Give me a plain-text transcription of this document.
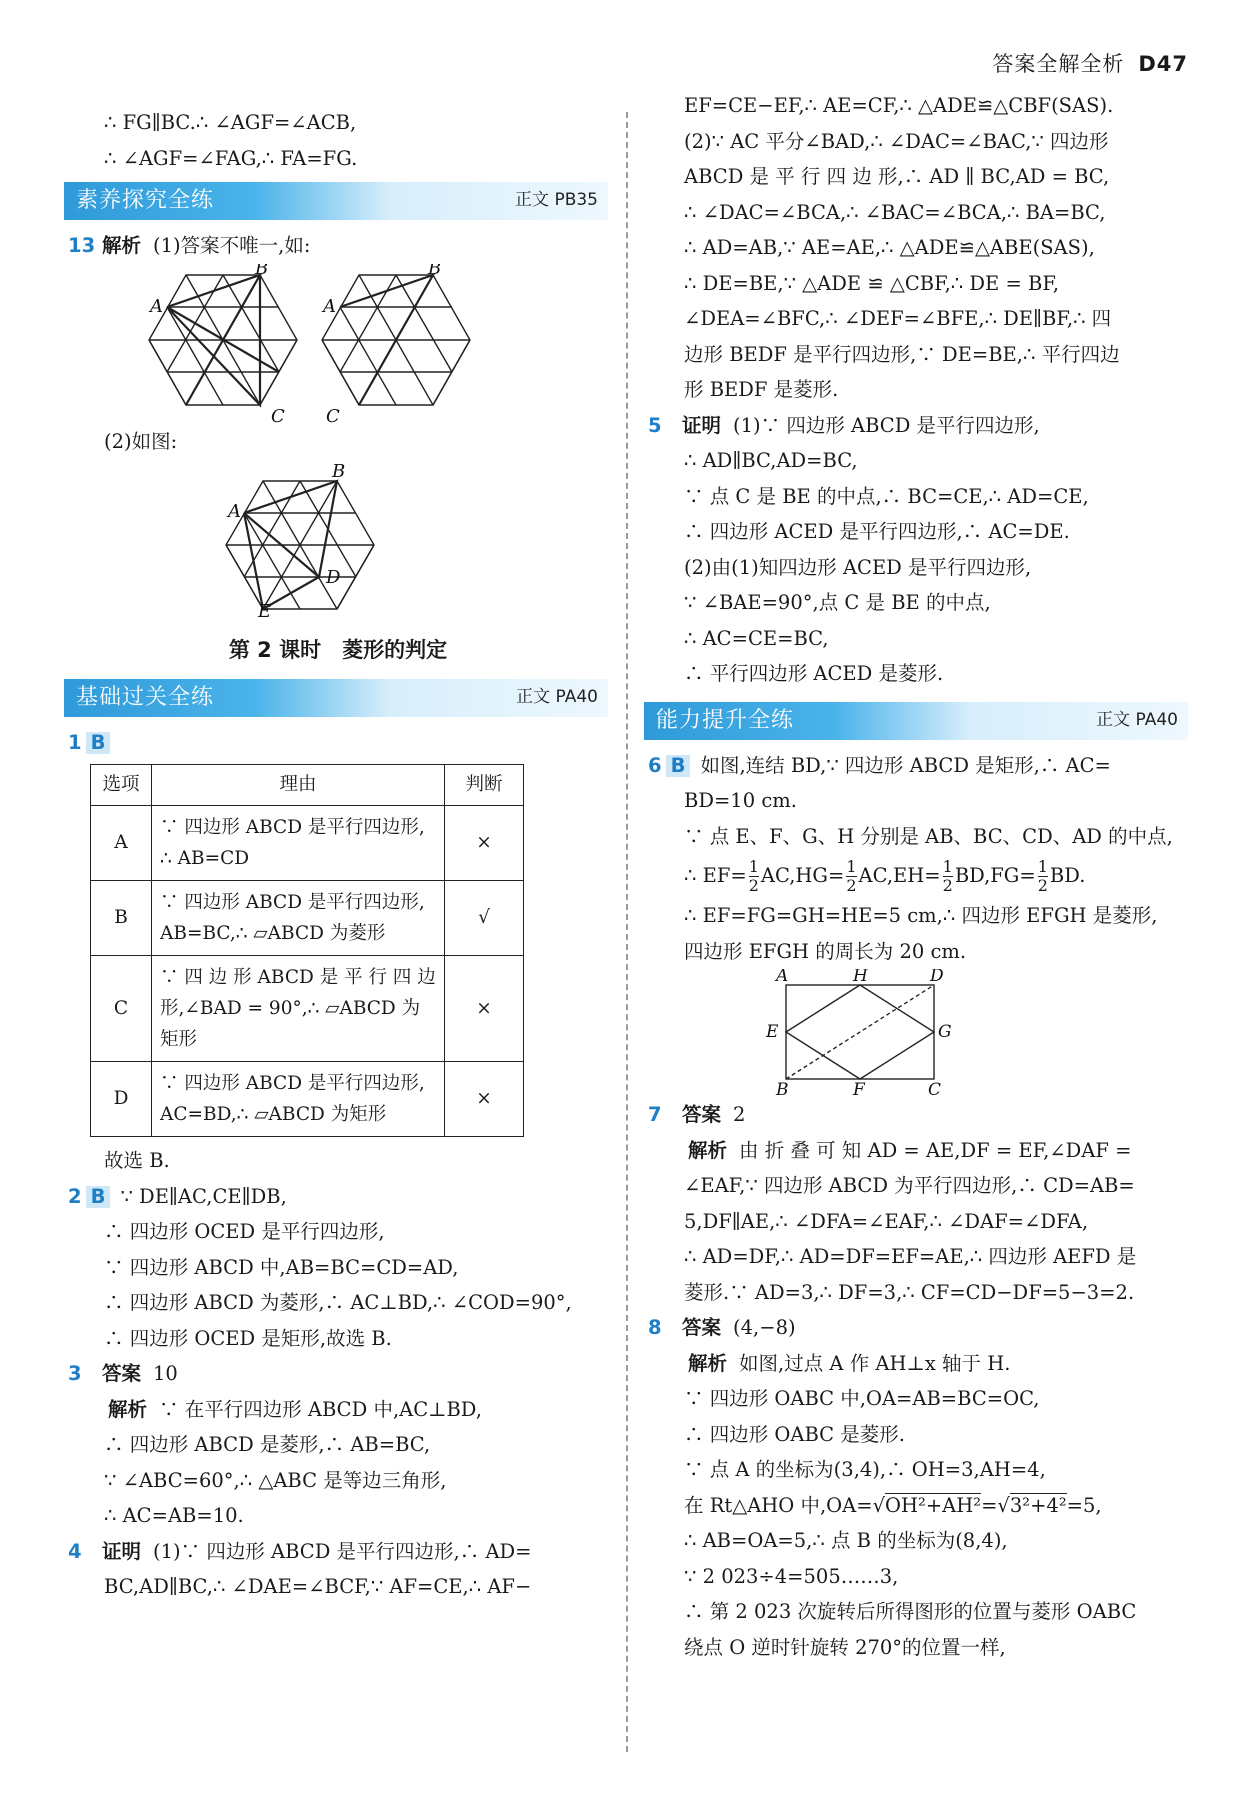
答案全解全析 D47
∴ FG∥BC.∴ ∠AGF=∠ACB,
∴ ∠AGF=∠FAG,∴ FA=FG.
素养探究全练	正文 PB35
13 解析 (1)答案不唯一,如:
B
A
C
B
A
C
(2)如图:
B
A
D
E
第 2 课时　菱形的判定
基础过关全练	正文 PA40
1 B
选项	理由	判断
A	∵ 四边形 ABCD 是平行四边形,
∴ AB=CD	×
B	∵ 四边形 ABCD 是平行四边形,
AB=BC,∴ ▱ABCD 为菱形	√
C	∵ 四 边 形 ABCD 是 平 行 四 边
形,∠BAD = 90°,∴ ▱ABCD 为
矩形	×
D	∵ 四边形 ABCD 是平行四边形,
AC=BD,∴ ▱ABCD 为矩形	×
故选 B.
2 B ∵ DE∥AC,CE∥DB,
∴ 四边形 OCED 是平行四边形,
∵ 四边形 ABCD 中,AB=BC=CD=AD,
∴ 四边形 ABCD 为菱形,∴ AC⊥BD,∴ ∠COD=90°,
∴ 四边形 OCED 是矩形,故选 B.
3 答案 10
解析 ∵ 在平行四边形 ABCD 中,AC⊥BD,
∴ 四边形 ABCD 是菱形,∴ AB=BC,
∵ ∠ABC=60°,∴ △ABC 是等边三角形,
∴ AC=AB=10.
4 证明 (1)∵ 四边形 ABCD 是平行四边形,∴ AD=
BC,AD∥BC,∴ ∠DAE=∠BCF,∵ AF=CE,∴ AF−
EF=CE−EF,∴ AE=CF,∴ △ADE≌△CBF(SAS).
(2)∵ AC 平分∠BAD,∴ ∠DAC=∠BAC,∵ 四边形
ABCD 是 平 行 四 边 形,∴ AD ∥ BC,AD = BC,
∴ ∠DAC=∠BCA,∴ ∠BAC=∠BCA,∴ BA=BC,
∴ AD=AB,∵ AE=AE,∴ △ADE≌△ABE(SAS),
∴ DE=BE,∵ △ADE ≌ △CBF,∴ DE = BF,
∠DEA=∠BFC,∴ ∠DEF=∠BFE,∴ DE∥BF,∴ 四
边形 BEDF 是平行四边形,∵ DE=BE,∴ 平行四边
形 BEDF 是菱形.
5 证明 (1)∵ 四边形 ABCD 是平行四边形,
∴ AD∥BC,AD=BC,
∵ 点 C 是 BE 的中点,∴ BC=CE,∴ AD=CE,
∴ 四边形 ACED 是平行四边形,∴ AC=DE.
(2)由(1)知四边形 ACED 是平行四边形,
∵ ∠BAE=90°,点 C 是 BE 的中点,
∴ AC=CE=BC,
∴ 平行四边形 ACED 是菱形.
能力提升全练	正文 PA40
6 B 如图,连结 BD,∵ 四边形 ABCD 是矩形,∴ AC=
BD=10 cm.
∵ 点 E、F、G、H 分别是 AB、BC、CD、AD 的中点,
∴ $EF= \frac{1}{2} AC,HG= \frac{1}{2} AC,EH= \frac{1}{2} BD,FG= \frac{1}{2}$ BD.
∴ EF=FG=GH=HE=5 cm,∴ 四边形 EFGH 是菱形,
四边形 EFGH 的周长为 20 cm.
A	H	D
E	G
B	F	C
7 答案 2
解析 由 折 叠 可 知 AD = AE,DF = EF,∠DAF =
∠EAF,∵ 四边形 ABCD 为平行四边形,∴ CD=AB=
5,DF∥AE,∴ ∠DFA=∠EAF,∴ ∠DAF=∠DFA,
∴ AD=DF,∴ AD=DF=EF=AE,∴ 四边形 AEFD 是
菱形.∵ AD=3,∴ DF=3,∴ CF=CD−DF=5−3=2.
8 答案 (4,−8)
解析 如图,过点 A 作 AH⊥x 轴于 H.
∵ 四边形 OABC 中,OA=AB=BC=OC,
∴ 四边形 OABC 是菱形.
∵ 点 A 的坐标为(3,4),∴ OH=3,AH=4,
在 Rt△AHO 中,OA=√OH²+AH²=√3²+4²=5,
∴ AB=OA=5,∴ 点 B 的坐标为(8,4),
∵ 2 023÷4=505……3,
∴ 第 2 023 次旋转后所得图形的位置与菱形 OABC
绕点 O 逆时针旋转 270°的位置一样,
